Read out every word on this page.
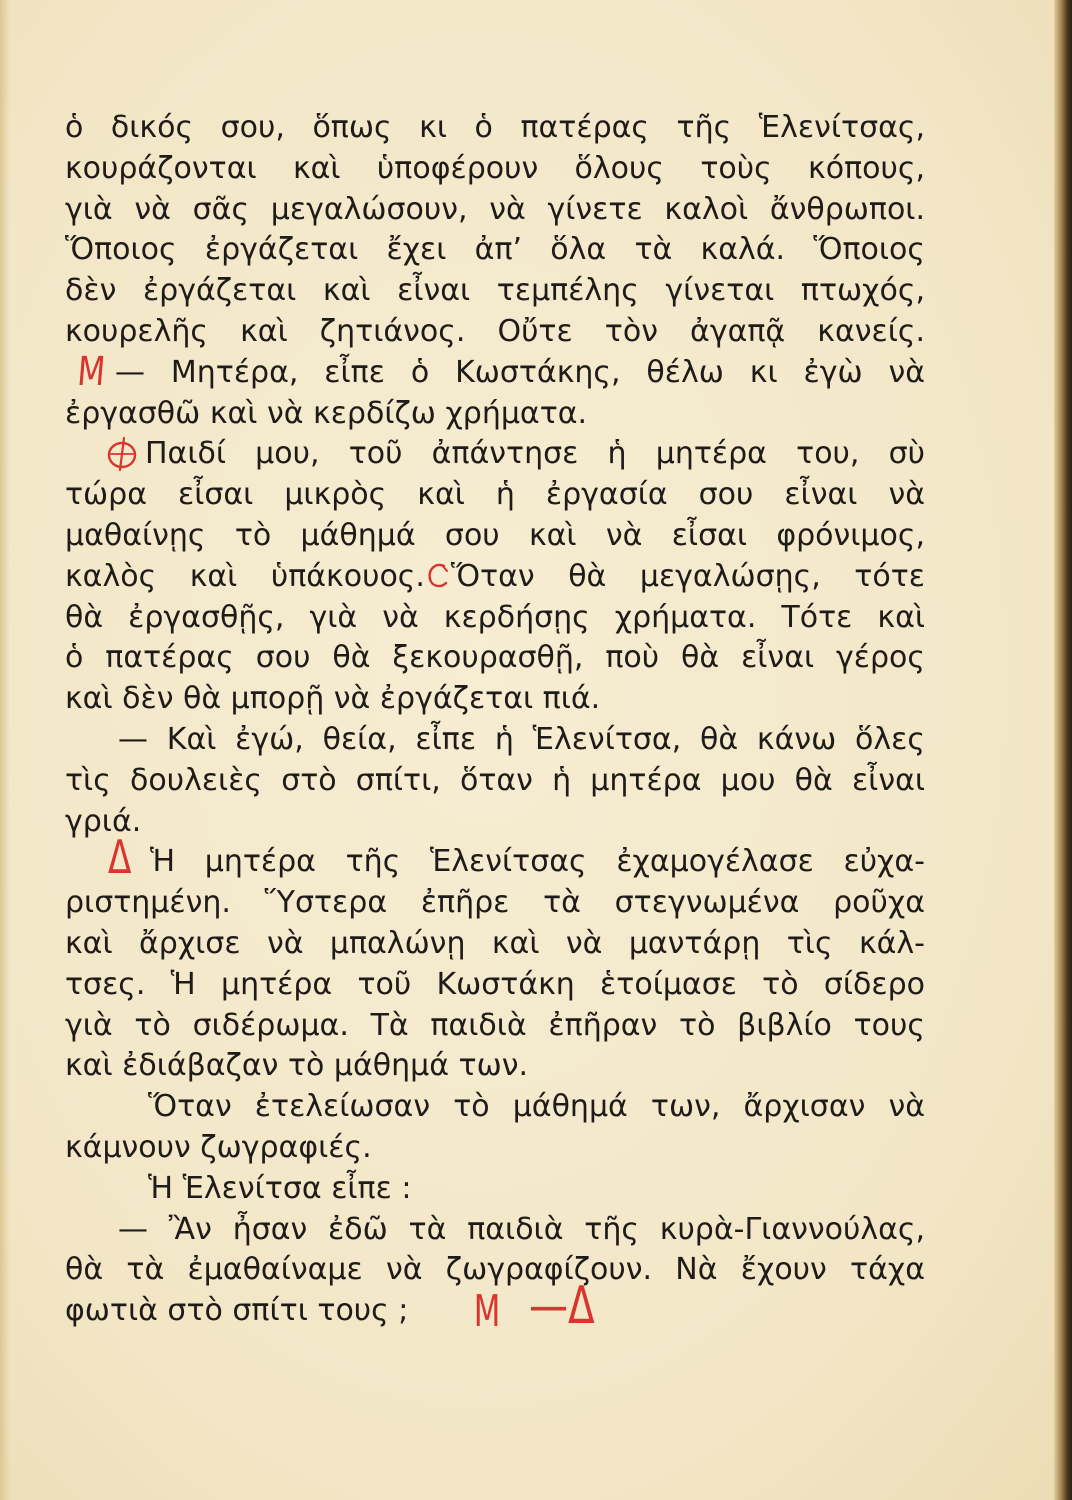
ὁ δικός σου, ὅπως κι ὁ πατέρας τῆς Ἑλενίτσας,
κουράζονται καὶ ὑποφέρουν ὅλους τοὺς κόπους,
γιὰ νὰ σᾶς μεγαλώσουν, νὰ γίνετε καλοὶ ἄνθρωποι.
Ὅποιος ἐργάζεται ἔχει ἀπ’ ὅλα τὰ καλά. Ὅποιος
δὲν ἐργάζεται καὶ εἶναι τεμπέλης γίνεται πτωχός,
κουρελῆς καὶ ζητιάνος. Οὔτε τὸν ἀγαπᾷ κανείς.
— Μητέρα, εἶπε ὁ Κωστάκης, θέλω κι ἐγὼ νὰ
ἐργασθῶ καὶ νὰ κερδίζω χρήματα.
Παιδί μου, τοῦ ἀπάντησε ἡ μητέρα του, σὺ
τώρα εἶσαι μικρὸς καὶ ἡ ἐργασία σου εἶναι νὰ
μαθαίνῃς τὸ μάθημά σου καὶ νὰ εἶσαι φρόνιμος,
καλὸς καὶ ὑπάκουος. Ὅταν θὰ μεγαλώσῃς, τότε
θὰ ἐργασθῇς, γιὰ νὰ κερδήσῃς χρήματα. Τότε καὶ
ὁ πατέρας σου θὰ ξεκουρασθῇ, ποὺ θὰ εἶναι γέρος
καὶ δὲν θὰ μπορῇ νὰ ἐργάζεται πιά.
— Καὶ ἐγώ, θεία, εἶπε ἡ Ἑλενίτσα, θὰ κάνω ὅλες
τὶς δουλειὲς στὸ σπίτι, ὅταν ἡ μητέρα μου θὰ εἶναι
γριά.
Ἡ μητέρα τῆς Ἑλενίτσας ἐχαμογέλασε εὐχα-
ριστημένη. Ὕστερα ἐπῆρε τὰ στεγνωμένα ροῦχα
καὶ ἄρχισε νὰ μπαλώνῃ καὶ νὰ μαντάρῃ τὶς κάλ-
τσες. Ἡ μητέρα τοῦ Κωστάκη ἑτοίμασε τὸ σίδερο
γιὰ τὸ σιδέρωμα. Τὰ παιδιὰ ἐπῆραν τὸ βιβλίο τους
καὶ ἐδιάβαζαν τὸ μάθημά των.
Ὅταν ἐτελείωσαν τὸ μάθημά των, ἄρχισαν νὰ
κάμνουν ζωγραφιές.
Ἡ Ἑλενίτσα εἶπε :
— Ἂν ἦσαν ἐδῶ τὰ παιδιὰ τῆς κυρὰ-Γιαννούλας,
θὰ τὰ ἐμαθαίναμε νὰ ζωγραφίζουν. Νὰ ἔχουν τάχα
φωτιὰ στὸ σπίτι τους ;
Μ
Δ
Μ —Δ
